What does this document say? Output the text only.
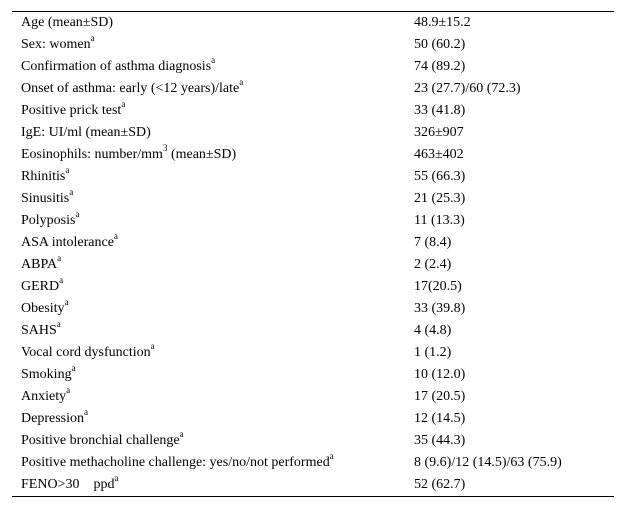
Age (mean±SD)	48.9±15.2
Sex: women$^a$	50 (60.2)
Confirmation of asthma diagnosis$^a$	74 (89.2)
Onset of asthma: early (<12 years)/late$^a$	23 (27.7)/60 (72.3)
Positive prick test$^a$	33 (41.8)
IgE: UI/ml (mean±SD)	326±907
Eosinophils: number/$mm^3$ (mean±SD)	463±402
Rhinitis$^a$	55 (66.3)
Sinusitis$^a$	21 (25.3)
Polyposis$^a$	11 (13.3)
ASA intolerance$^a$	7 (8.4)
ABPA$^a$	2 (2.4)
GERD$^a$	17(20.5)
Obesity$^a$	33 (39.8)
SAHS$^a$	4 (4.8)
Vocal cord dysfunction$^a$	1 (1.2)
Smoking$^a$	10 (12.0)
Anxiety$^a$	17 (20.5)
Depression$^a$	12 (14.5)
Positive bronchial challenge$^a$	35 (44.3)
Positive methacholine challenge: yes/no/not performed$^a$	8 (9.6)/12 (14.5)/63 (75.9)
FENO>30  ppd$^a$	52 (62.7)
